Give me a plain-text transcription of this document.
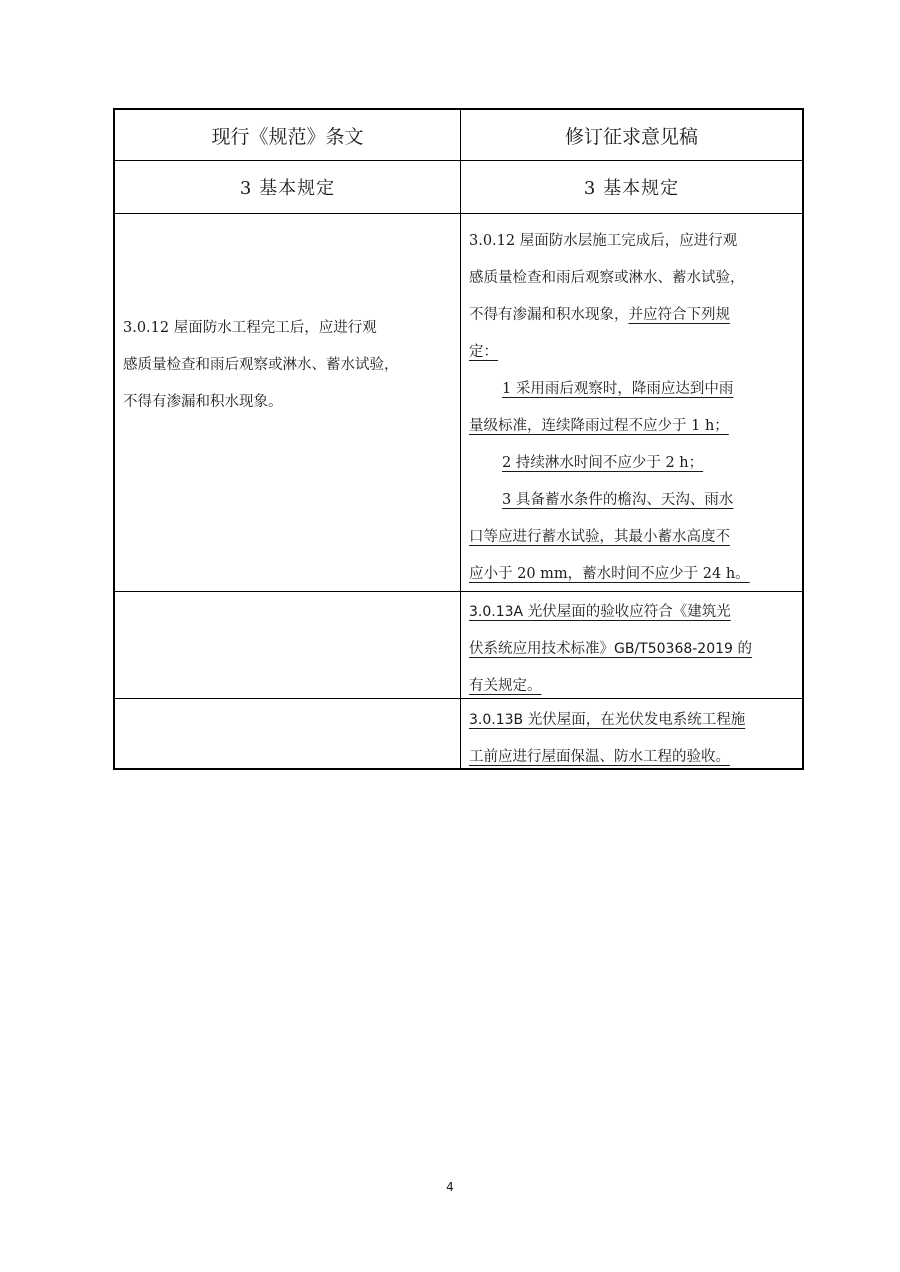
现行《规范》条文	修订征求意见稿
3 基本规定	3 基本规定
3.0.12 屋面防水工程完工后，应进行观
感质量检查和雨后观察或淋水、蓄水试验，
不得有渗漏和积水现象。
3.0.12 屋面防水层施工完成后，应进行观
感质量检查和雨后观察或淋水、蓄水试验，
不得有渗漏和积水现象，并应符合下列规
定：
1 采用雨后观察时，降雨应达到中雨
量级标准，连续降雨过程不应少于 1 h；
2 持续淋水时间不应少于 2 h；
3 具备蓄水条件的檐沟、天沟、雨水
口等应进行蓄水试验，其最小蓄水高度不
应小于 20 mm，蓄水时间不应少于 24 h。
3.0.13A 光伏屋面的验收应符合《建筑光
伏系统应用技术标准》GB/T50368-2019 的
有关规定。
3.0.13B 光伏屋面，在光伏发电系统工程施
工前应进行屋面保温、防水工程的验收。
4
